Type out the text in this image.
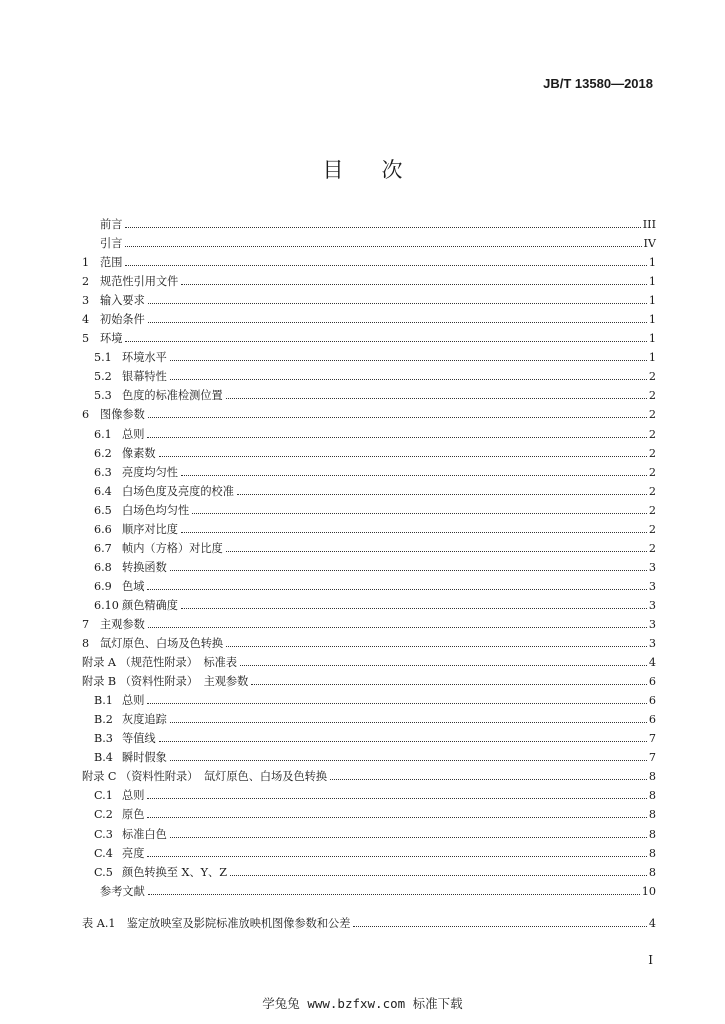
JB/T 13580—2018
目次
前言	III
引言	IV
1 范围	1
2 规范性引用文件	1
3 输入要求	1
4 初始条件	1
5 环境	1
5.1 环境水平	1
5.2 银幕特性	2
5.3 色度的标准检测位置	2
6 图像参数	2
6.1 总则	2
6.2 像素数	2
6.3 亮度均匀性	2
6.4 白场色度及亮度的校准	2
6.5 白场色均匀性	2
6.6 顺序对比度	2
6.7 帧内（方格）对比度	2
6.8 转换函数	3
6.9 色域	3
6.10 颜色精确度	3
7 主观参数	3
8 氙灯原色、白场及色转换	3
附录 A （规范性附录）　标准表	4
附录 B （资料性附录）　主观参数	6
B.1 总则	6
B.2 灰度追踪	6
B.3 等值线	7
B.4 瞬时假象	7
附录 C （资料性附录）　氙灯原色、白场及色转换	8
C.1 总则	8
C.2 原色	8
C.3 标准白色	8
C.4 亮度	8
C.5 颜色转换至 X、Y、Z	8
参考文献	10
表 A.1　鉴定放映室及影院标准放映机图像参数和公差	4
I
学兔兔 www.bzfxw.com 标准下载
